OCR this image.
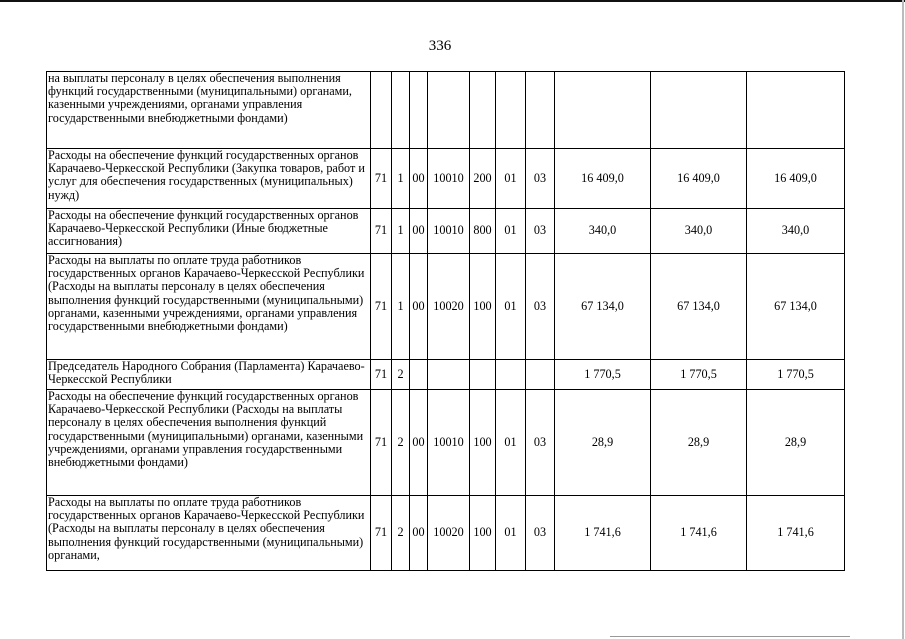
336
на выплаты персоналу в целях обеспечения выполнения функций государственными (муниципальными) органами, казенными учреждениями, органами управления государственными внебюджетными фондами)										
Расходы на обеспечение функций государственных органов Карачаево-Черкесской Республики (Закупка товаров, работ и услуг для обеспечения государственных (муниципальных) нужд)	71	1	00	10010	200	01	03	16 409,0	16 409,0	16 409,0
Расходы на обеспечение функций государственных органов Карачаево-Черкесской Республики (Иные бюджетные ассигнования)	71	1	00	10010	800	01	03	340,0	340,0	340,0
Расходы на выплаты по оплате труда работников государственных органов Карачаево-Черкесской Республики (Расходы на выплаты персоналу в целях обеспечения выполнения функций государственными (муниципальными) органами, казенными учреждениями, органами управления государственными внебюджетными фондами)	71	1	00	10020	100	01	03	67 134,0	67 134,0	67 134,0
Председатель Народного Собрания (Парламента) Карачаево-Черкесской Республики	71	2						1 770,5	1 770,5	1 770,5
Расходы на обеспечение функций государственных органов Карачаево-Черкесской Республики (Расходы на выплаты персоналу в целях обеспечения выполнения функций государственными (муниципальными) органами, казенными учреждениями, органами управления государственными внебюджетными фондами)	71	2	00	10010	100	01	03	28,9	28,9	28,9
Расходы на выплаты по оплате труда работников государственных органов Карачаево-Черкесской Республики (Расходы на выплаты персоналу в целях обеспечения выполнения функций государственными (муниципальными) органами,	71	2	00	10020	100	01	03	1 741,6	1 741,6	1 741,6
